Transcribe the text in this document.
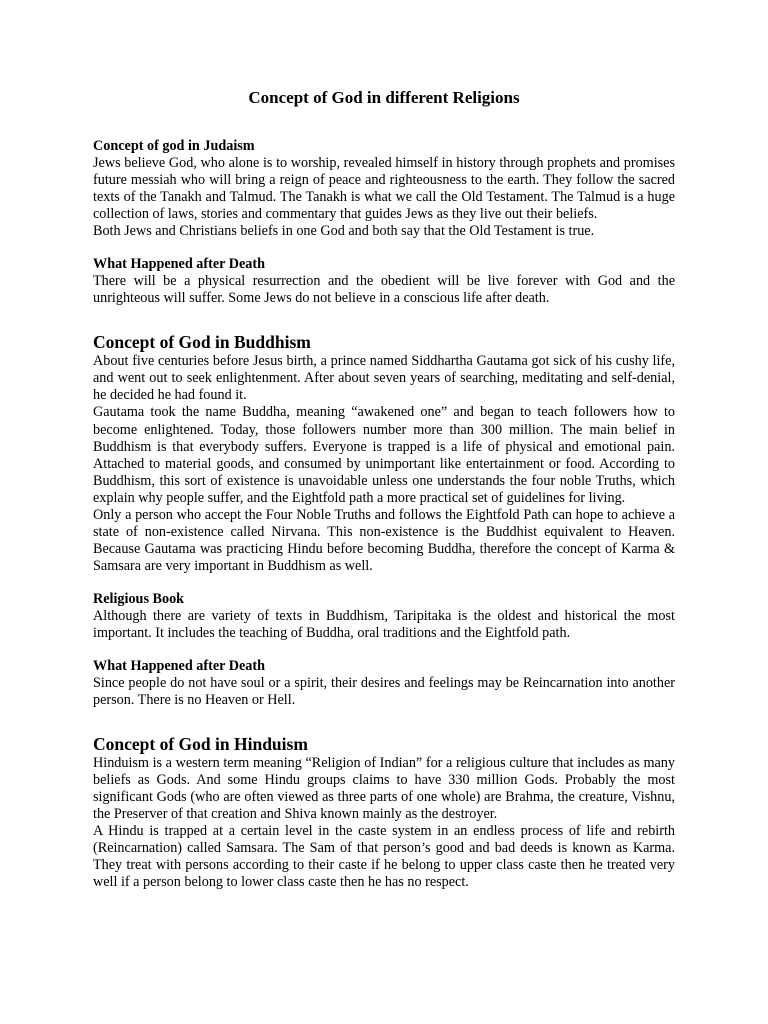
Concept of God in different Religions
Concept of god in Judaism

Jews believe God, who alone is to worship, revealed himself in history through prophets and promises future messiah who will bring a reign of peace and righteousness to the earth. They follow the sacred texts of the Tanakh and Talmud. The Tanakh is what we call the Old Testament. The Talmud is a huge collection of laws, stories and commentary that guides Jews as they live out their beliefs.

Both Jews and Christians beliefs in one God and both say that the Old Testament is true.

What Happened after Death

There will be a physical resurrection and the obedient will be live forever with God and the unrighteous will suffer. Some Jews do not believe in a conscious life after death.

Concept of God in Buddhism

About five centuries before Jesus birth, a prince named Siddhartha Gautama got sick of his cushy life, and went out to seek enlightenment. After about seven years of searching, meditating and self-denial, he decided he had found it.

Gautama took the name Buddha, meaning “awakened one” and began to teach followers how to become enlightened. Today, those followers number more than 300 million. The main belief in Buddhism is that everybody suffers. Everyone is trapped is a life of physical and emotional pain. Attached to material goods, and consumed by unimportant like entertainment or food. According to Buddhism, this sort of existence is unavoidable unless one understands the four noble Truths, which explain why people suffer, and the Eightfold path a more practical set of guidelines for living.

Only a person who accept the Four Noble Truths and follows the Eightfold Path can hope to achieve a state of non-existence called Nirvana. This non-existence is the Buddhist equivalent to Heaven. Because Gautama was practicing Hindu before becoming Buddha, therefore the concept of Karma & Samsara are very important in Buddhism as well.

Religious Book

Although there are variety of texts in Buddhism, Taripitaka is the oldest and historical the most important. It includes the teaching of Buddha, oral traditions and the Eightfold path.

What Happened after Death

Since people do not have soul or a spirit, their desires and feelings may be Reincarnation into another person. There is no Heaven or Hell.

Concept of God in Hinduism

Hinduism is a western term meaning “Religion of Indian” for a religious culture that includes as many beliefs as Gods. And some Hindu groups claims to have 330 million Gods. Probably the most significant Gods (who are often viewed as three parts of one whole) are Brahma, the creature, Vishnu, the Preserver of that creation and Shiva known mainly as the destroyer.

A Hindu is trapped at a certain level in the caste system in an endless process of life and rebirth (Reincarnation) called Samsara. The Sam of that person’s good and bad deeds is known as Karma. They treat with persons according to their caste if he belong to upper class caste then he treated very well if a person belong to lower class caste then he has no respect.
